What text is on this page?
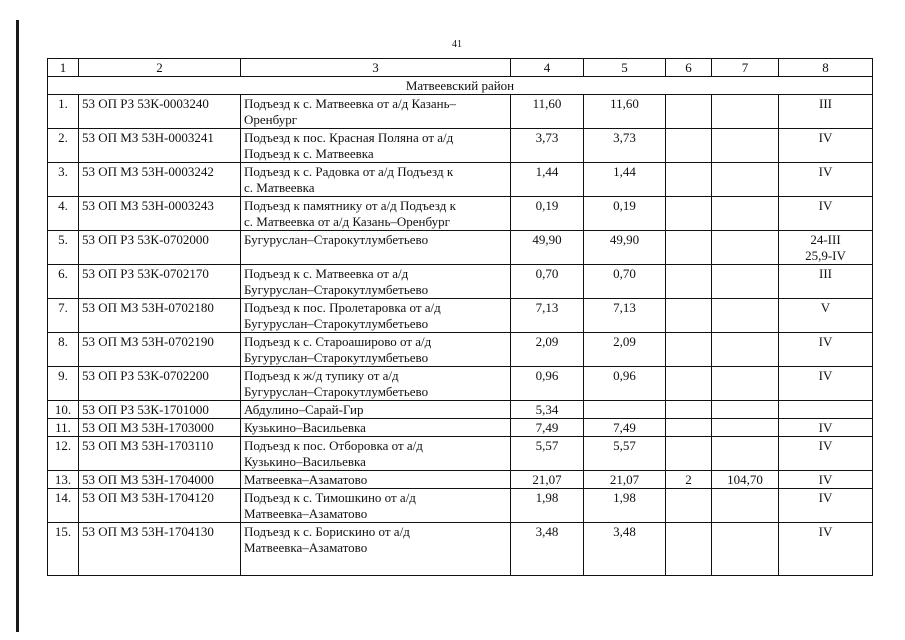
41
1	2	3	4	5	6	7	8
Матвеевский район							
1.	53 ОП РЗ 53К-0003240	Подъезд к с. Матвеевка от а/д Казань–
Оренбург	11,60	11,60			III

2.	53 ОП МЗ 53Н-0003241	Подъезд к пос. Красная Поляна от а/д
Подъезд к с. Матвеевка	3,73	3,73			IV

3.	53 ОП МЗ 53Н-0003242	Подъезд к с. Радовка от а/д Подъезд к
с. Матвеевка	1,44	1,44			IV

4.	53 ОП МЗ 53Н-0003243	Подъезд к памятнику от а/д Подъезд к
с. Матвеевка от а/д Казань–Оренбург	0,19	0,19			IV

5.	53 ОП РЗ 53К-0702000	Бугуруслан–Старокутлумбетьево	49,90	49,90			24-III
25,9-IV

6.	53 ОП РЗ 53К-0702170	Подъезд к с. Матвеевка от а/д
Бугуруслан–Старокутлумбетьево	0,70	0,70			III

7.	53 ОП МЗ 53Н-0702180	Подъезд к пос. Пролетаровка от а/д
Бугуруслан–Старокутлумбетьево	7,13	7,13			V

8.	53 ОП МЗ 53Н-0702190	Подъезд к с. Староаширово от а/д
Бугуруслан–Старокутлумбетьево	2,09	2,09			IV

9.	53 ОП РЗ 53К-0702200	Подъезд к ж/д тупику от а/д
Бугуруслан–Старокутлумбетьево	0,96	0,96			IV

10.	53 ОП РЗ 53К-1701000	Абдулино–Сарай-Гир	5,34				

11.	53 ОП МЗ 53Н-1703000	Кузькино–Васильевка	7,49	7,49			IV

12.	53 ОП МЗ 53Н-1703110	Подъезд к пос. Отборовка от а/д
Кузькино–Васильевка	5,57	5,57			IV

13.	53 ОП МЗ 53Н-1704000	Матвеевка–Азаматово	21,07	21,07	2	104,70	IV

14.	53 ОП МЗ 53Н-1704120	Подъезд к с. Тимошкино от а/д
Матвеевка–Азаматово	1,98	1,98			IV

15.	53 ОП МЗ 53Н-1704130	Подъезд к с. Борискино от а/д
Матвеевка–Азаматово	3,48	3,48			IV
